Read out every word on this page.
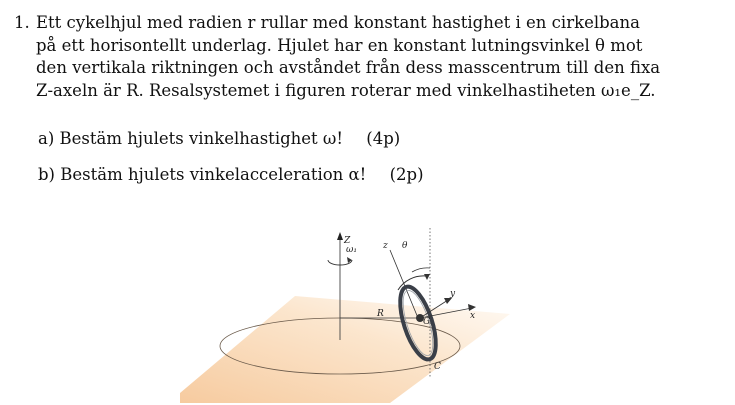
1. Ett cykelhjul med radien r rullar med konstant hastighet i en cirkelbana
på ett horisontellt underlag. Hjulet har en konstant lutningsvinkel θ mot
den vertikala riktningen och avståndet från dess masscentrum till den fixa
Z-axeln är R. Resalsystemet i figuren roterar med vinkelhastiheten ω₁e_Z.
a) Bestäm hjulets vinkelhastighet ω! (4p)
b) Bestäm hjulets vinkelacceleration α! (2p)
Z
ω₁	z θ
G
y
x
R
C
